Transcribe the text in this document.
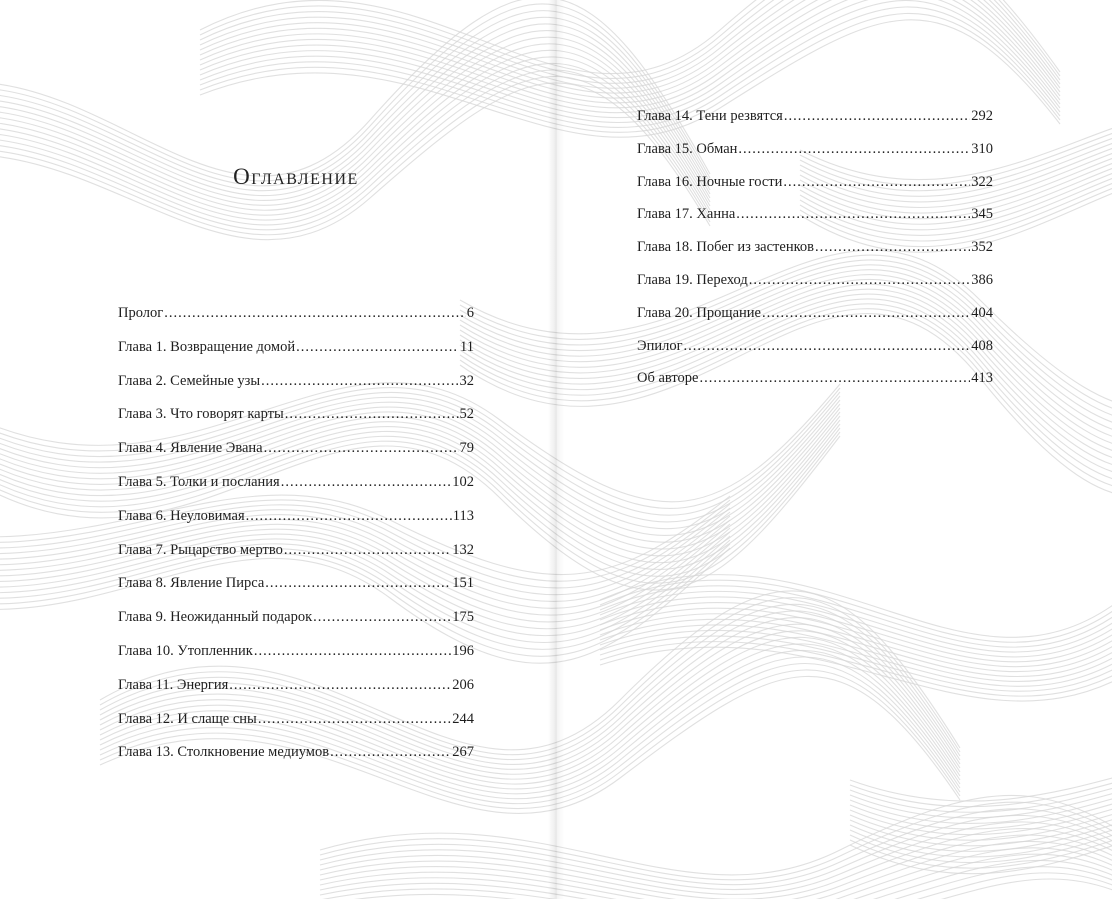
Оглавление
Пролог .....	6
Глава 1. Возвращение домой .....	11
Глава 2. Семейные узы .....	32
Глава 3. Что говорят карты .....	52
Глава 4. Явление Эвана .....	79
Глава 5. Толки и послания .....	102
Глава 6. Неуловимая .....	113
Глава 7. Рыцарство мертво .....	132
Глава 8. Явление Пирса .....	151
Глава 9. Неожиданный подарок .....	175
Глава 10. Утопленник .....	196
Глава 11. Энергия .....	206
Глава 12. И слаще сны .....	244
Глава 13. Столкновение медиумов .....	267
Глава 14. Тени резвятся .....	292
Глава 15. Обман .....	310
Глава 16. Ночные гости .....	322
Глава 17. Ханна .....	345
Глава 18. Побег из застенков .....	352
Глава 19. Переход .....	386
Глава 20. Прощание .....	404
Эпилог .....	408
Об авторе .....	413
